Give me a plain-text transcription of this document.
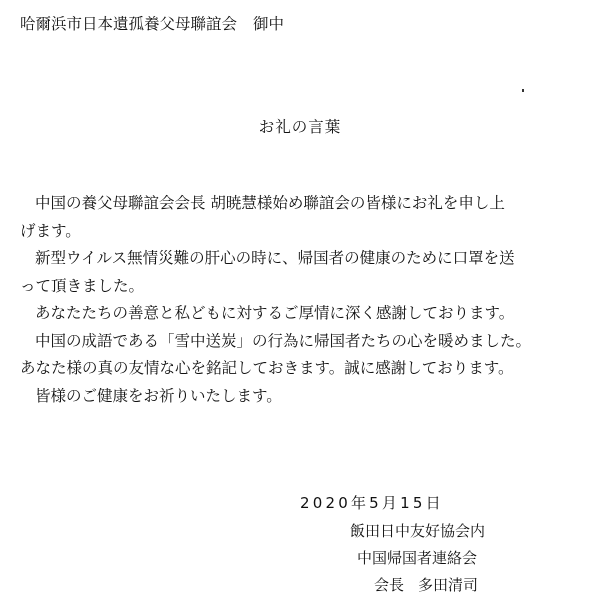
哈爾浜市日本遺孤養父母聯誼会 御中
お礼の言葉
中国の養父母聯誼会会長 胡暁慧様始め聯誼会の皆様にお礼を申し上
げます。
新型ウイルス無情災難の肝心の時に、帰国者の健康のために口罩を送
って頂きました。
あなたたちの善意と私どもに対するご厚情に深く感謝しております。
中国の成語である「雪中送炭」の行為に帰国者たちの心を暖めました。
あなた様の真の友情な心を銘記しておきます。誠に感謝しております。
皆様のご健康をお祈りいたします。
2020年5月15日
飯田日中友好協会内
中国帰国者連絡会
会長 多田清司
